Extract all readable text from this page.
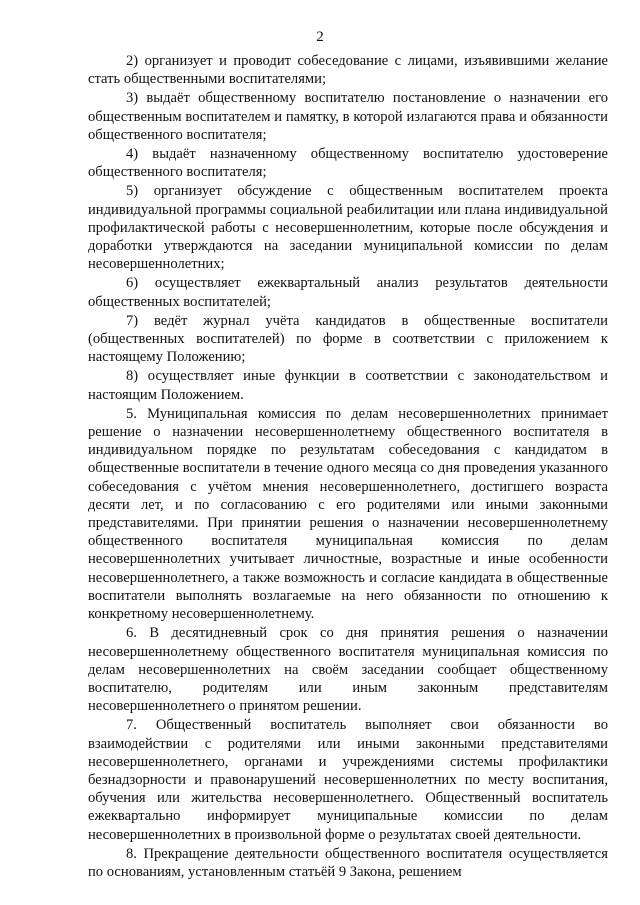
2

2) организует и проводит собеседование с лицами, изъявившими желание стать общественными воспитателями;

3) выдаёт общественному воспитателю постановление о назначении его общественным воспитателем и памятку, в которой излагаются права и обязанности общественного воспитателя;

4) выдаёт назначенному общественному воспитателю удостоверение общественного воспитателя;

5) организует обсуждение с общественным воспитателем проекта индивидуальной программы социальной реабилитации или плана индивидуальной профилактической работы с несовершеннолетним, которые после обсуждения и доработки утверждаются на заседании муниципальной комиссии по делам несовершеннолетних;

6) осуществляет ежеквартальный анализ результатов деятельности общественных воспитателей;

7) ведёт журнал учёта кандидатов в общественные воспитатели (общественных воспитателей) по форме в соответствии с приложением к настоящему Положению;

8) осуществляет иные функции в соответствии с законодательством и настоящим Положением.

5. Муниципальная комиссия по делам несовершеннолетних принимает решение о назначении несовершеннолетнему общественного воспитателя в индивидуальном порядке по результатам собеседования с кандидатом в общественные воспитатели в течение одного месяца со дня проведения указанного собеседования с учётом мнения несовершеннолетнего, достигшего возраста десяти лет, и по согласованию с его родителями или иными законными представителями. При принятии решения о назначении несовершеннолетнему общественного воспитателя муниципальная комиссия по делам несовершеннолетних учитывает личностные, возрастные и иные особенности несовершеннолетнего, а также возможность и согласие кандидата в общественные воспитатели выполнять возлагаемые на него обязанности по отношению к конкретному несовершеннолетнему.

6. В десятидневный срок со дня принятия решения о назначении несовершеннолетнему общественного воспитателя муниципальная комиссия по делам несовершеннолетних на своём заседании сообщает общественному воспитателю, родителям или иным законным представителям несовершеннолетнего о принятом решении.

7. Общественный воспитатель выполняет свои обязанности во взаимодействии с родителями или иными законными представителями несовершеннолетнего, органами и учреждениями системы профилактики безнадзорности и правонарушений несовершеннолетних по месту воспитания, обучения или жительства несовершеннолетнего. Общественный воспитатель ежеквартально информирует муниципальные комиссии по делам несовершеннолетних в произвольной форме о результатах своей деятельности.

8. Прекращение деятельности общественного воспитателя осуществляется по основаниям, установленным статьёй 9 Закона, решением
